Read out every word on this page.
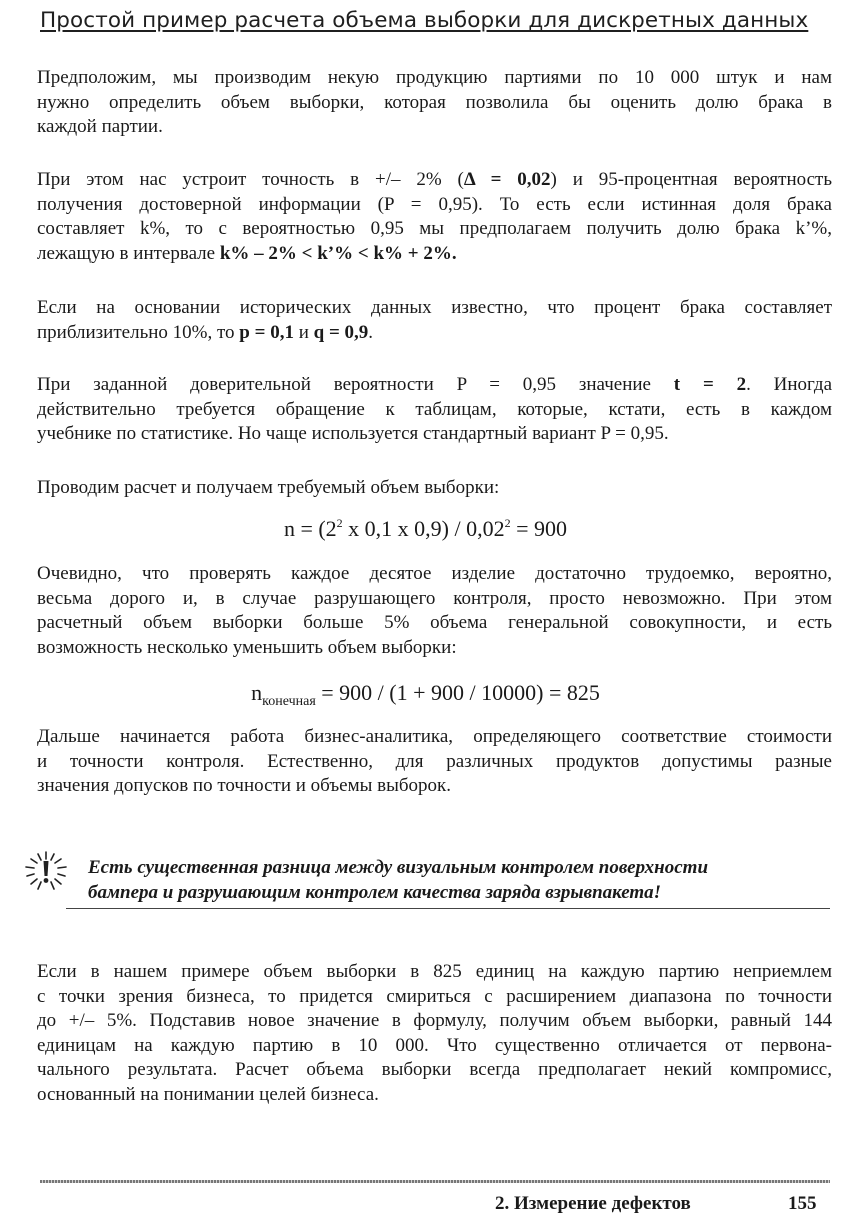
Простой пример расчета объема выборки для дискретных данных
Предположим, мы производим некую продукцию партиями по 10 000 штук и нам
нужно определить объем выборки, которая позволила бы оценить долю брака в
каждой партии.
При этом нас устроит точность в +/– 2% (Δ = 0,02) и 95-процентная вероятность
получения достоверной информации (P = 0,95). То есть если истинная доля брака
составляет k%, то с вероятностью 0,95 мы предполагаем получить долю брака k’%,
лежащую в интервале k% – 2% < k’% < k% + 2%.
Если на основании исторических данных известно, что процент брака составляет
приблизительно 10%, то p = 0,1 и q = 0,9.
При заданной доверительной вероятности P = 0,95 значение t = 2. Иногда
действительно требуется обращение к таблицам, которые, кстати, есть в каждом
учебнике по статистике. Но чаще используется стандартный вариант P = 0,95.
Проводим расчет и получаем требуемый объем выборки:
$n = (2^2$ x 0,1 x $0,9) / 0,02^2 = 900$
Очевидно, что проверять каждое десятое изделие достаточно трудоемко, вероятно,
весьма дорого и, в случае разрушающего контроля, просто невозможно. При этом
расчетный объем выборки больше 5% объема генеральной совокупности, и есть
возможность несколько уменьшить объем выборки:
$n_{конечная} = 900 / (1 + 900 / 10000) = 825$
Дальше начинается работа бизнес-аналитика, определяющего соответствие стоимости
и точности контроля. Естественно, для различных продуктов допустимы разные
значения допусков по точности и объемы выборок.
Есть существенная разница между визуальным контролем поверхности
бампера и разрушающим контролем качества заряда взрывпакета!
Если в нашем примере объем выборки в 825 единиц на каждую партию неприемлем
с точки зрения бизнеса, то придется смириться с расширением диапазона по точности
до +/– 5%. Подставив новое значение в формулу, получим объем выборки, равный 144
единицам на каждую партию в 10 000. Что существенно отличается от первона-
чального результата. Расчет объема выборки всегда предполагает некий компромисс,
основанный на понимании целей бизнеса.
2. Измерение дефектов	155
